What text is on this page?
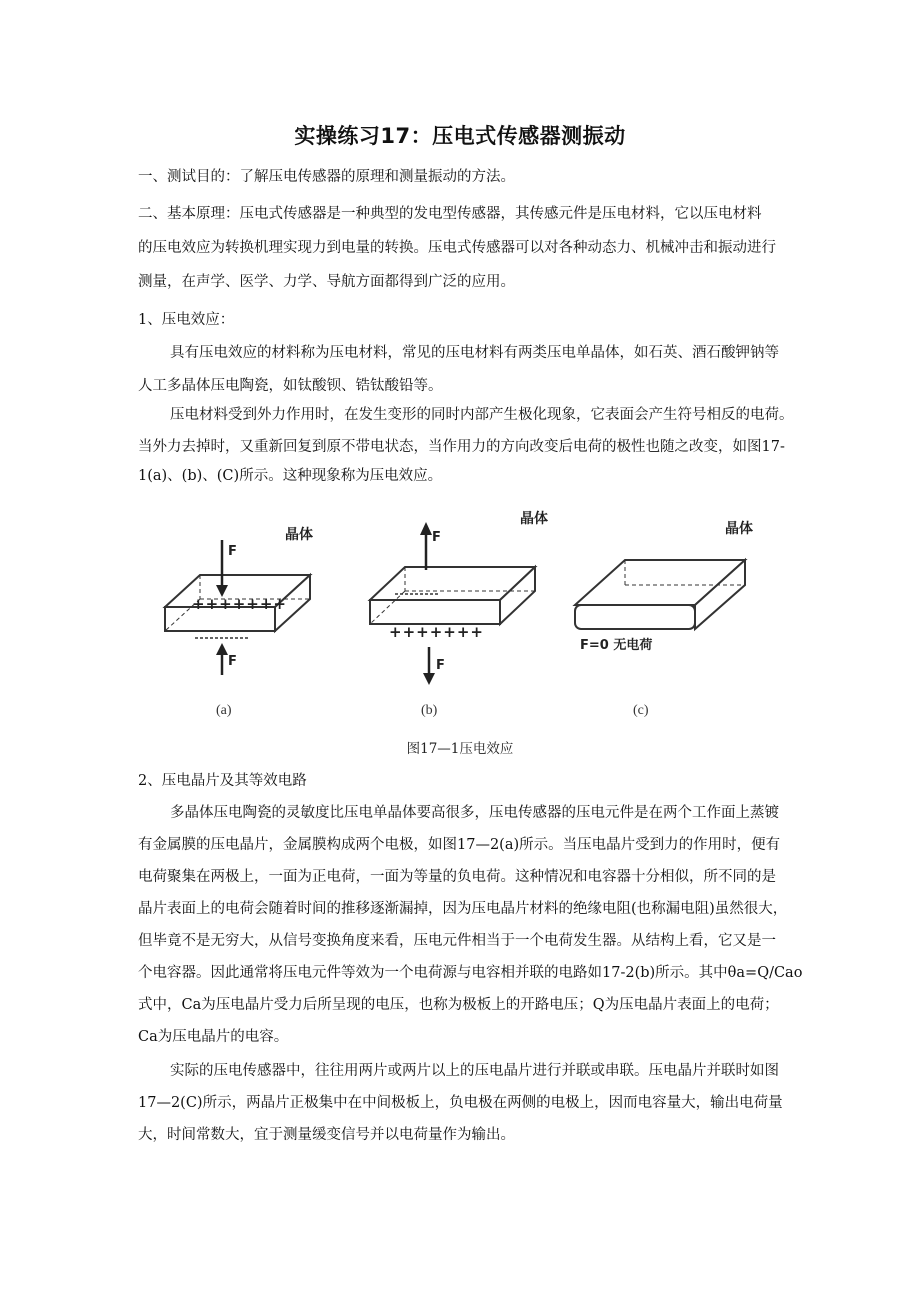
实操练习17：压电式传感器测振动
一、测试目的：了解压电传感器的原理和测量振动的方法。
二、基本原理：压电式传感器是一种典型的发电型传感器，其传感元件是压电材料，它以压电材料
的压电效应为转换机理实现力到电量的转换。压电式传感器可以对各种动态力、机械冲击和振动进行
测量，在声学、医学、力学、导航方面都得到广泛的应用。
1、压电效应：
具有压电效应的材料称为压电材料，常见的压电材料有两类压电单晶体，如石英、酒石酸钾钠等
人工多晶体压电陶瓷，如钛酸钡、锆钛酸铅等。
压电材料受到外力作用时，在发生变形的同时内部产生极化现象，它表面会产生符号相反的电荷。
当外力去掉时，又重新回复到原不带电状态，当作用力的方向改变后电荷的极性也随之改变，如图17-
1(a)、(b)、(C)所示。这种现象称为压电效应。
晶体
晶体
晶体
F
F
F
F
+++++++
+++++++
F=0 无电荷
(a)	(b)	(c)
图17—1压电效应
2、压电晶片及其等效电路
多晶体压电陶瓷的灵敏度比压电单晶体要高很多，压电传感器的压电元件是在两个工作面上蒸镀
有金属膜的压电晶片，金属膜构成两个电极，如图17—2(a)所示。当压电晶片受到力的作用时，便有
电荷聚集在两极上，一面为正电荷，一面为等量的负电荷。这种情况和电容器十分相似，所不同的是
晶片表面上的电荷会随着时间的推移逐渐漏掉，因为压电晶片材料的绝缘电阻(也称漏电阻)虽然很大，
但毕竟不是无穷大，从信号变换角度来看，压电元件相当于一个电荷发生器。从结构上看，它又是一
个电容器。因此通常将压电元件等效为一个电荷源与电容相并联的电路如17-2(b)所示。其中θa=Q/Cao
式中，Ca为压电晶片受力后所呈现的电压，也称为极板上的开路电压；Q为压电晶片表面上的电荷；
Ca为压电晶片的电容。
实际的压电传感器中，往往用两片或两片以上的压电晶片进行并联或串联。压电晶片并联时如图
17—2(C)所示，两晶片正极集中在中间极板上，负电极在两侧的电极上，因而电容量大，输出电荷量
大，时间常数大，宜于测量缓变信号并以电荷量作为输出。
